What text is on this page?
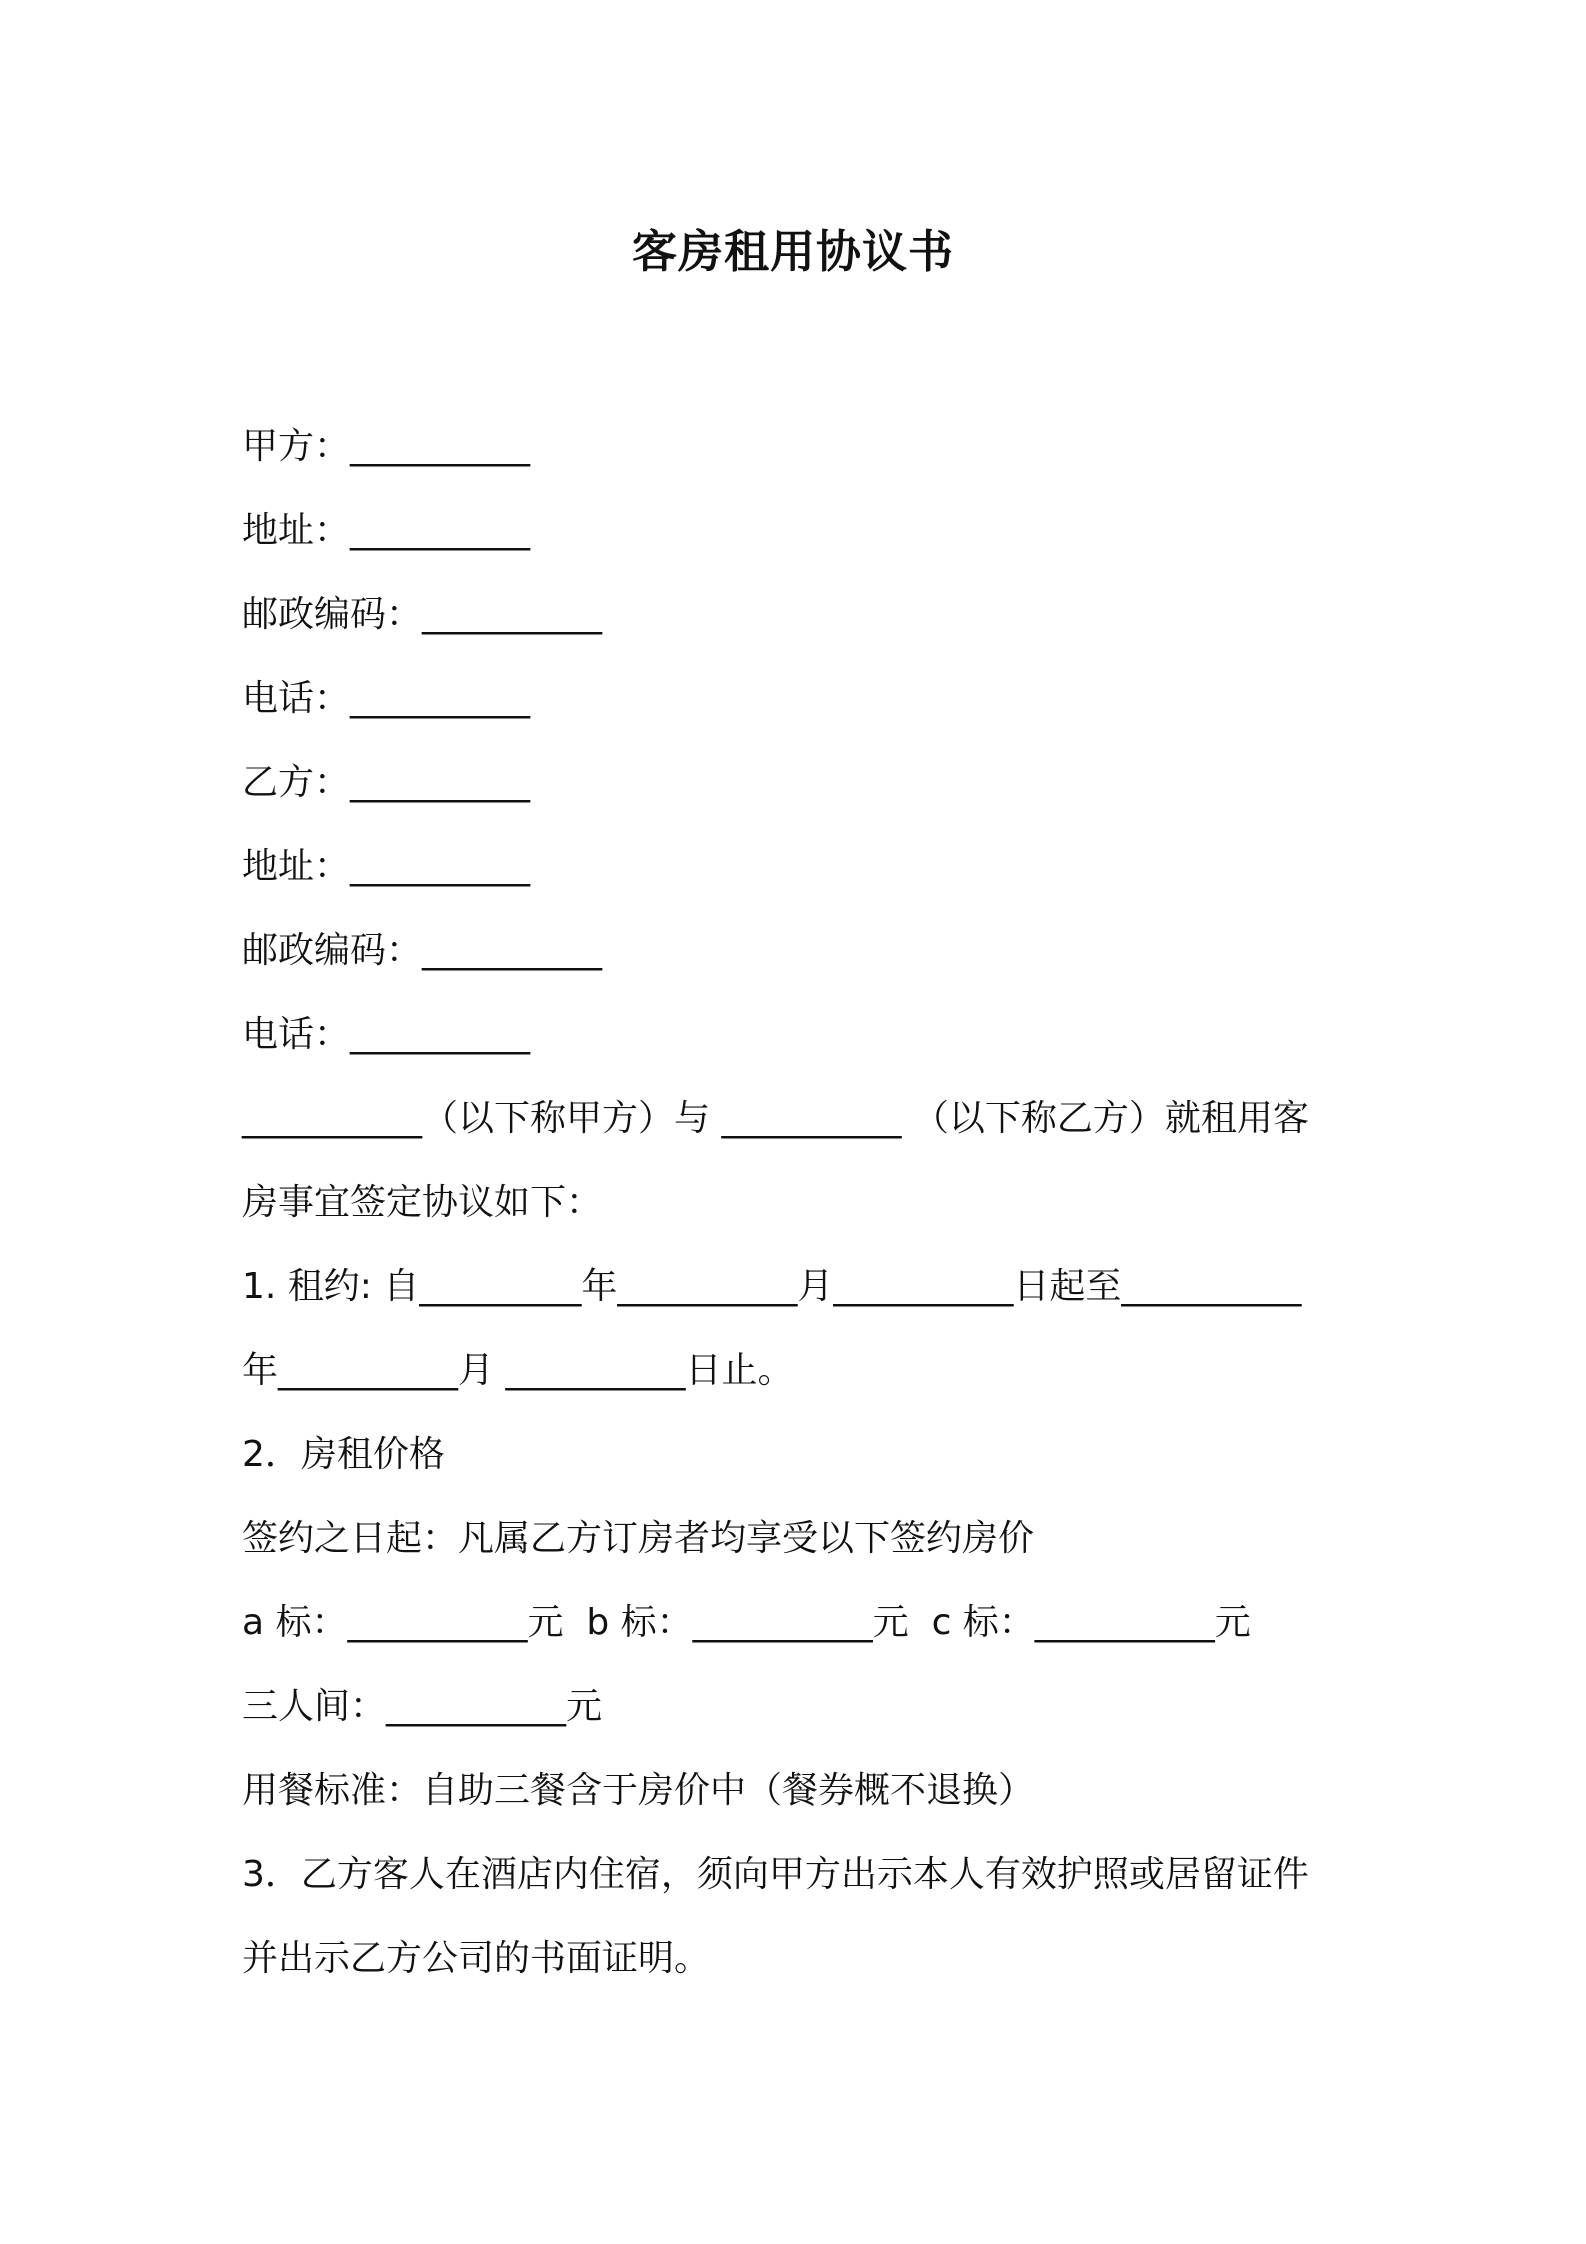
客房租用协议书
甲方：__________
地址：__________
邮政编码：__________
电话：__________
乙方：__________
地址：__________
邮政编码：__________
电话：__________
__________（以下称甲方）与 __________ （以下称乙方）就租用客
房事宜签定协议如下：
1. 租约: 自_________年__________月__________日起至__________
年__________月 __________日止。
2．房租价格
签约之日起：凡属乙方订房者均享受以下签约房价
a 标：__________元  b 标：__________元  c 标：__________元
三人间：__________元
用餐标准：自助三餐含于房价中（餐券概不退换）
3．乙方客人在酒店内住宿，须向甲方出示本人有效护照或居留证件
并出示乙方公司的书面证明。
